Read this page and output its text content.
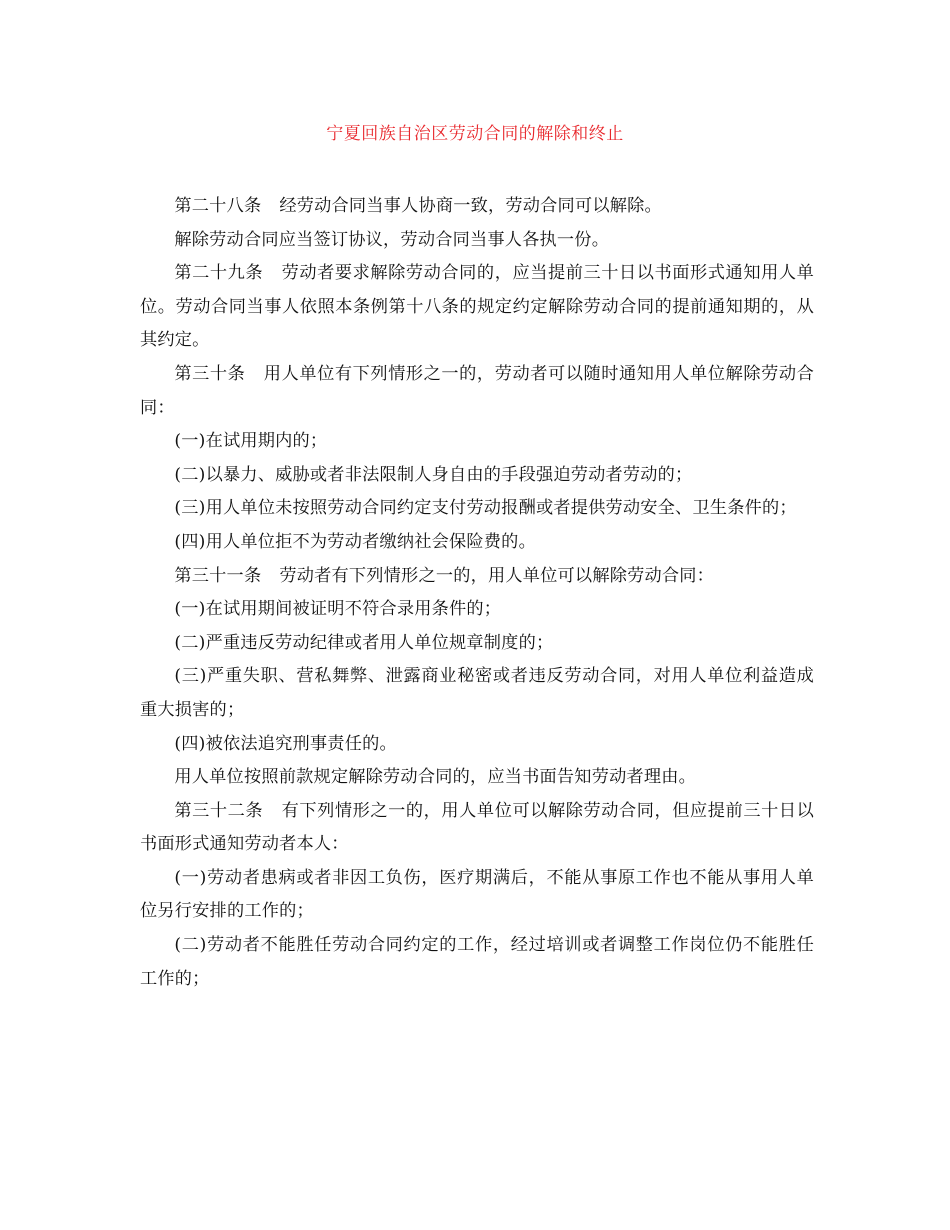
宁夏回族自治区劳动合同的解除和终止

第二十八条 经劳动合同当事人协商一致，劳动合同可以解除。

解除劳动合同应当签订协议，劳动合同当事人各执一份。

第二十九条 劳动者要求解除劳动合同的，应当提前三十日以书面形式通知用人单位。劳动合同当事人依照本条例第十八条的规定约定解除劳动合同的提前通知期的，从其约定。

第三十条 用人单位有下列情形之一的，劳动者可以随时通知用人单位解除劳动合同：

(一)在试用期内的；

(二)以暴力、威胁或者非法限制人身自由的手段强迫劳动者劳动的；

(三)用人单位未按照劳动合同约定支付劳动报酬或者提供劳动安全、卫生条件的；

(四)用人单位拒不为劳动者缴纳社会保险费的。

第三十一条 劳动者有下列情形之一的，用人单位可以解除劳动合同：

(一)在试用期间被证明不符合录用条件的；

(二)严重违反劳动纪律或者用人单位规章制度的；

(三)严重失职、营私舞弊、泄露商业秘密或者违反劳动合同，对用人单位利益造成重大损害的；

(四)被依法追究刑事责任的。

用人单位按照前款规定解除劳动合同的，应当书面告知劳动者理由。

第三十二条 有下列情形之一的，用人单位可以解除劳动合同，但应提前三十日以书面形式通知劳动者本人：

(一)劳动者患病或者非因工负伤，医疗期满后，不能从事原工作也不能从事用人单位另行安排的工作的；

(二)劳动者不能胜任劳动合同约定的工作，经过培训或者调整工作岗位仍不能胜任工作的；
